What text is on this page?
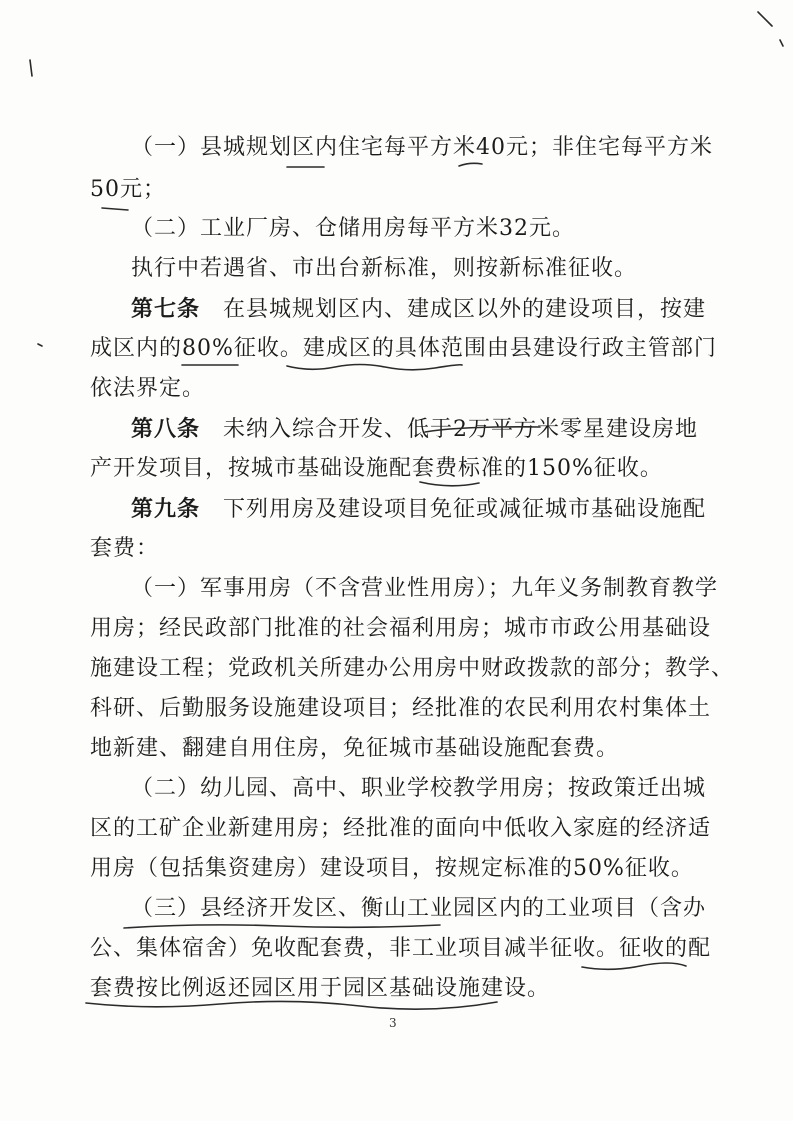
（一）县城规划区内住宅每平方米40元；非住宅每平方米

50元；

（二）工业厂房、仓储用房每平方米32元。

执行中若遇省、市出台新标准，则按新标准征收。

第七条　 在县城规划区内、建成区以外的建设项目，按建

成区内的80%征收。建成区的具体范围由县建设行政主管部门

依法界定。

第八条　 未纳入综合开发、低于2万平方米零星建设房地

产开发项目，按城市基础设施配套费标准的150%征收。

第九条　 下列用房及建设项目免征或减征城市基础设施配

套费：

（一）军事用房（不含营业性用房）；九年义务制教育教学

用房；经民政部门批准的社会福利用房；城市市政公用基础设

施建设工程；党政机关所建办公用房中财政拨款的部分；教学、

科研、后勤服务设施建设项目；经批准的农民利用农村集体土

地新建、翻建自用住房，免征城市基础设施配套费。

（二）幼儿园、高中、职业学校教学用房；按政策迁出城

区的工矿企业新建用房；经批准的面向中低收入家庭的经济适

用房（包括集资建房）建设项目，按规定标准的50%征收。

（三）县经济开发区、衡山工业园区内的工业项目（含办

公、集体宿舍）免收配套费，非工业项目减半征收。征收的配

套费按比例返还园区用于园区基础设施建设。

3
